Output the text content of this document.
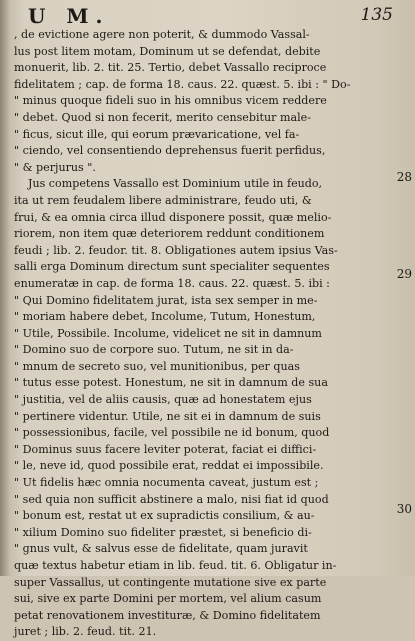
U M.	135
, de evictione agere non poterit, & dummodo Vassal-
lus post litem motam, Dominum ut se defendat, debite
monuerit, lib. 2. tit. 25. Tertio, debet Vassallo reciproce
fidelitatem ; cap. de forma 18. caus. 22. quæst. 5. ibi : " Do-
" minus quoque fideli suo in his omnibus vicem reddere
" debet. Quod si non fecerit, merito censebitur male-
" ficus, sicut ille, qui eorum prævaricatione, vel fa-
" ciendo, vel consentiendo deprehensus fuerit perfidus,
" & perjurus ".
Jus competens Vassallo est Dominium utile in feudo,
ita ut rem feudalem libere administrare, feudo uti, &
frui, & ea omnia circa illud disponere possit, quæ melio-
riorem, non item quæ deteriorem reddunt conditionem
feudi ; lib. 2. feudor. tit. 8. Obligationes autem ipsius Vas-
salli erga Dominum directum sunt specialiter sequentes
enumeratæ in cap. de forma 18. caus. 22. quæst. 5. ibi :
" Qui Domino fidelitatem jurat, ista sex semper in me-
" moriam habere debet, Incolume, Tutum, Honestum,
" Utile, Possibile. Incolume, videlicet ne sit in damnum
" Domino suo de corpore suo. Tutum, ne sit in da-
" mnum de secreto suo, vel munitionibus, per quas
" tutus esse potest. Honestum, ne sit in damnum de sua
" justitia, vel de aliis causis, quæ ad honestatem ejus
" pertinere videntur. Utile, ne sit ei in damnum de suis
" possessionibus, facile, vel possibile ne id bonum, quod
" Dominus suus facere leviter poterat, faciat ei diffici-
" le, neve id, quod possibile erat, reddat ei impossibile.
" Ut fidelis hæc omnia nocumenta caveat, justum est ;
" sed quia non sufficit abstinere a malo, nisi fiat id quod
" bonum est, restat ut ex supradictis consilium, & au-
" xilium Domino suo fideliter præstet, si beneficio di-
" gnus vult, & salvus esse de fidelitate, quam juravit
quæ textus habetur etiam in lib. feud. tit. 6. Obligatur in-
super Vassallus, ut contingente mutatione sive ex parte
sui, sive ex parte Domini per mortem, vel alium casum
petat renovationem investituræ, & Domino fidelitatem
juret ; lib. 2. feud. tit. 21.
28
29
30
